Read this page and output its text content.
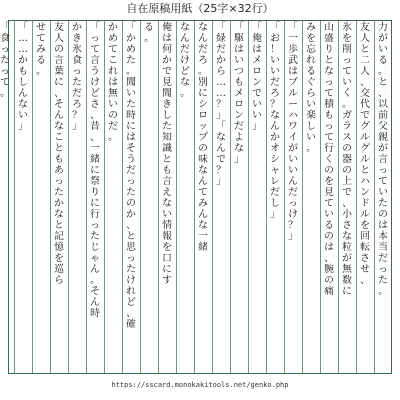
自在原稿用紙（25字×32行）
力
が
い
る
。
と
、
以
前
父
親
が
言
っ
て
い
た
の
は
本
当
だ
っ
た
。
友
人
と
二
人
、
交
代
で
グ
ル
グ
ル
と
ハ
ン
ド
ル
を
回
転
さ
せ
、
氷
を
削
っ
て
い
く
。
ガ
ラ
ス
の
器
の
上
で
、
小
さ
な
粒
が
無
数
に
山
盛
り
と
な
っ
て
積
も
っ
て
行
く
の
を
見
て
い
る
の
は
、
腕
の
痛
み
を
忘
れ
る
ぐ
ら
い
楽
し
い
。
「
一
歩
武
は
ブ
ル
ー
ハ
ワ
イ
が
い
い
ん
だ
っ
け
？
」
「
お
！
い
い
だ
ろ
？
な
ん
か
オ
シ
ャ
レ
だ
し
」
「
俺
は
メ
ロ
ン
で
い
い
」
「
駆
は
い
つ
も
メ
ロ
ン
だ
よ
な
」
「
緑
だ
か
ら
…
…
？
」
「
な
ん
で
？
」
な
ん
だ
ろ
。
別
に
シ
ロ
ッ
プ
の
味
な
ん
て
み
ん
な
一
緒
な
ん
だ
け
ど
な
。
俺
は
何
か
で
見
聞
き
し
た
知
識
と
も
言
え
な
い
情
報
を
口
に
す
る
。
「
か
め
た
。
聞
い
た
時
に
は
そ
う
だ
っ
た
の
か
、
と
思
っ
た
け
れ
ど
、
確
か
め
て
こ
れ
は
無
い
の
だ
。
「
っ
て
言
う
け
ど
さ
、
昔
、
一
緒
に
祭
り
に
行
っ
た
じ
ゃ
ん
。
そ
ん
時
か
き
氷
食
っ
た
だ
ろ
？
」
友
人
の
言
葉
に
、
そ
ん
な
こ
と
も
あ
っ
た
か
な
と
記
憶
を
巡
ら
せ
て
み
る
。
「
…
…
か
も
し
ん
な
い
」
「
食
っ
た
っ
て
。
https://sscard.monokakitools.net/genko.php
